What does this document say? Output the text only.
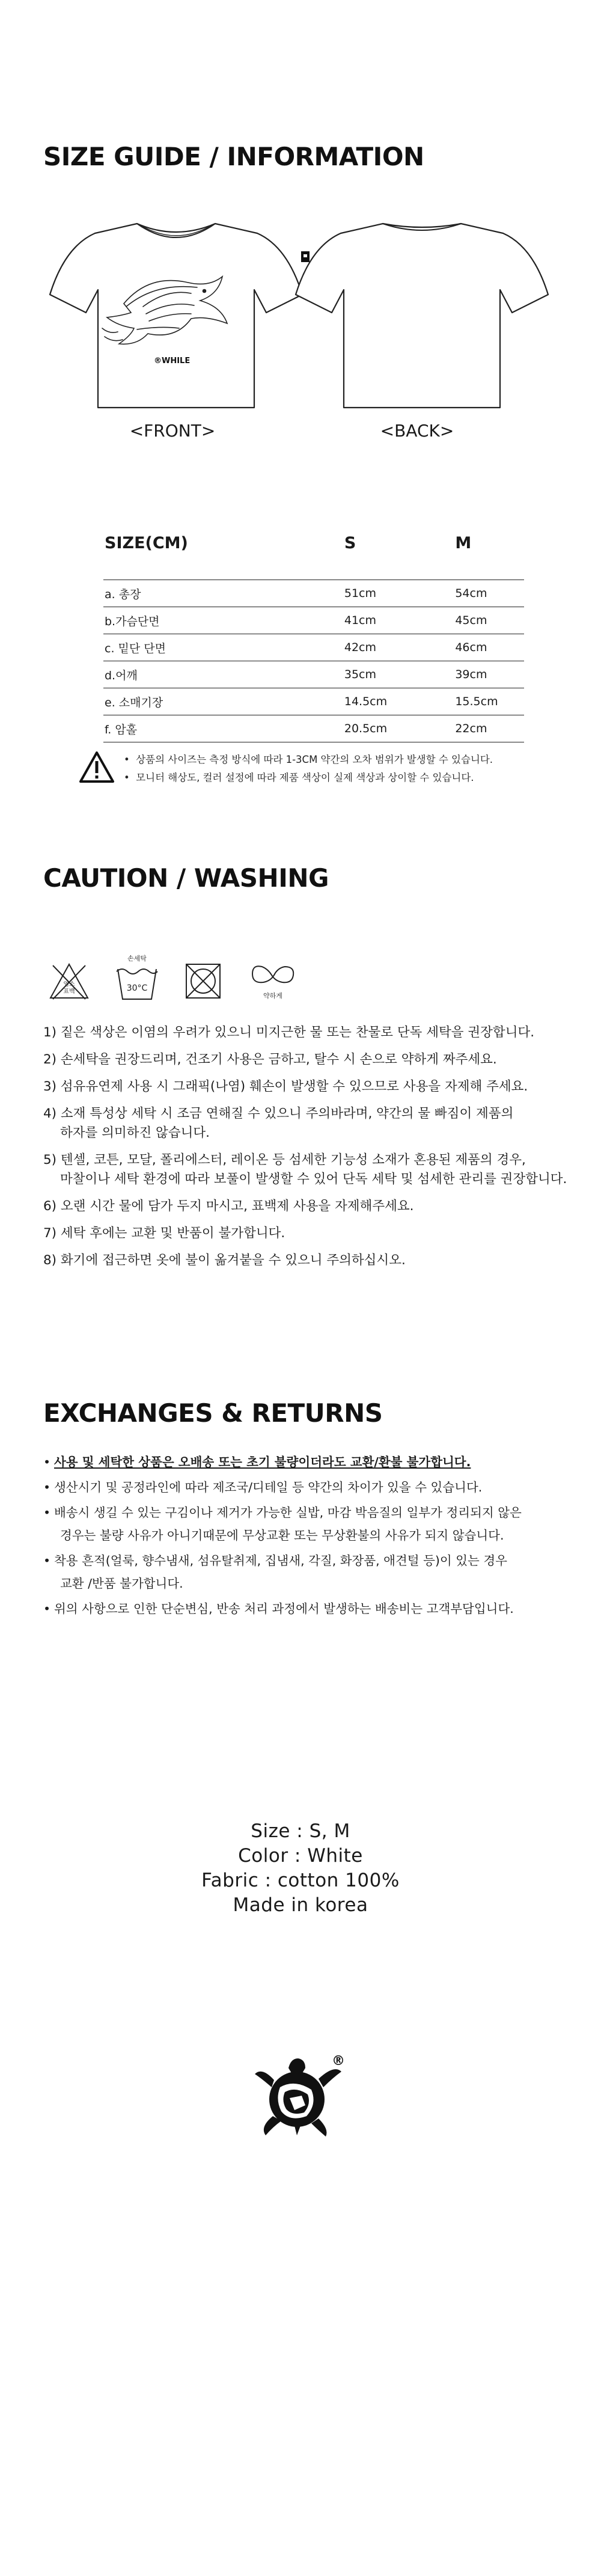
SIZE GUIDE / INFORMATION
®WHILE
<FRONT>	<BACK>
SIZE(CM)	S	M
a. 총장	51cm	54cm
b.가슴단면	41cm	45cm
c. 밑단 단면	42cm	46cm
d.어깨	35cm	39cm
e. 소매기장	14.5cm	15.5cm
f. 암홀	20.5cm	22cm
•  상품의 사이즈는 측정 방식에 따라 1-3CM 약간의 오차 범위가 발생할 수 있습니다.
•  모니터 해상도, 컬러 설정에 따라 제품 색상이 실제 색상과 상이할 수 있습니다.
CAUTION / WASHING
염소
표백
손세탁
30°C
약하게
1) 짙은 색상은 이염의 우려가 있으니 미지근한 물 또는 찬물로 단독 세탁을 권장합니다.
2) 손세탁을 권장드리며, 건조기 사용은 금하고, 탈수 시 손으로 약하게 짜주세요.
3) 섬유유연제 사용 시 그래픽(나염) 훼손이 발생할 수 있으므로 사용을 자제해 주세요.
4) 소재 특성상 세탁 시 조금 연해질 수 있으니 주의바라며, 약간의 물 빠짐이 제품의
하자를 의미하진 않습니다.
5) 텐셀, 코튼, 모달, 폴리에스터, 레이온 등 섬세한 기능성 소재가 혼용된 제품의 경우,
마찰이나 세탁 환경에 따라 보풀이 발생할 수 있어 단독 세탁 및 섬세한 관리를 권장합니다.
6) 오랜 시간 물에 담가 두지 마시고, 표백제 사용을 자제해주세요.
7) 세탁 후에는 교환 및 반품이 불가합니다.
8) 화기에 접근하면 옷에 불이 옮겨붙을 수 있으니 주의하십시오.
EXCHANGES & RETURNS
• 사용 및 세탁한 상품은 오배송 또는 초기 불량이더라도 교환/환불 불가합니다.
• 생산시기 및 공정라인에 따라 제조국/디테일 등 약간의 차이가 있을 수 있습니다.
• 배송시 생길 수 있는 구김이나 제거가 가능한 실밥, 마감 박음질의 일부가 정리되지 않은
경우는 불량 사유가 아니기때문에 무상교환 또는 무상환불의 사유가 되지 않습니다.
• 착용 흔적(얼룩, 향수냄새, 섬유탈취제, 집냄새, 각질, 화장품, 애견털 등)이 있는 경우
교환 /반품 불가합니다.
• 위의 사항으로 인한 단순변심, 반송 처리 과정에서 발생하는 배송비는 고객부담입니다.
Size : S, M
Color : White
Fabric : cotton 100%
Made in korea
®
